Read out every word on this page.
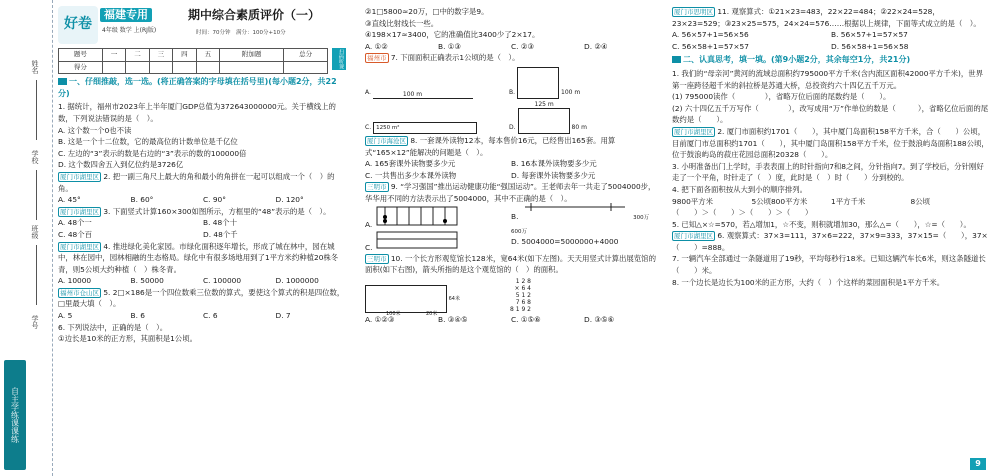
姓名
学校
班级
学号
自主学练课课练
好卷
福建专用
4年级 数学 上(RJ版)
期中综合素质评价（一）
时间：70分钟　满分：100分+10分
题号	一	二	三	四	五	附加题	总分
得分								扫码听课
一、仔细推敲，选一选。(将正确答案的字母填在括号里)(每小题2分，共22分)

1. 据统计，福州市2023年上半年厦门GDP总值为372643000000元。关于横线上的数，下列说法错误的是（　）。

A. 这个数一个0也不读

B. 这是一个十二位数，它的最高位的计数单位是千亿位

C. 左边的“3”表示的数是右边的“3”表示的数的100000倍

D. 这个数四舍五入到亿位约是3726亿

厦门市湖里区 2. 把一副三角尺上最大的角和最小的角拼在一起可以组成一个（　）的角。

A. 45°	B. 60°	C. 90°	D. 120°

厦门市湖里区 3. 下面竖式计算160×300如图所示，方框里的“48”表示的是（　）。

A. 48个一	B. 48个十
C. 48个百	D. 48个千

厦门市湖里区 4. 推进绿化美化家园。市绿化面积逐年增长，形成了城在林中，园在城中，林在园中，园林相融的生态格局。绿化中有很多场地用到了1平方米约种植20株冬青，则5公顷大约种植（　）株冬青。

A. 10000	B. 50000	C. 100000	D. 1000000

福州市仓山区 5. 2□×186是一个四位数乘三位数的算式，要使这个算式的积是四位数，□里最大填（　）。

A. 5	B. 6	C. 6	D. 7

6. 下列说法中，正确的是（　）。

①边长是10米的正方形，其面积是1公顷。

②1□5800≈20万，□中的数字是9。

③直线比射线长一些。

④198×17≈3400，它的准确值比3400少了2×17。

A. ①②	B. ①③	C. ②③	D. ②④

福州市 7. 下面面积正确表示1公顷的是（　）。

A.	100 m	B.	100 m
C. 1250 m²	D.
125 m
80 m

厦门市海沧区 8. 一套课外读物12本，每本售价16元，已经售出165套。用算式“165×12”能解决的问题是（　）。

A. 165套课外读物要多少元	B. 16本课外读物要多少元
C. 一共售出多少本课外读物	D. 每套课外读物要多少元

三明市 9. “学习强国”推出运动健康功能“强国运动”。王老师去年一共走了5004000步，华华用不同的方法表示出了5004000，其中不正确的是（　）。

A.
B.	300万 600万
C.
D. 5004000=5000000+4000

三明市 10. 一个长方形观览馆长128米，宽64米(如下左图)。天天用竖式计算出展览馆的面积(如下右图)，箭头所指的是这个观览馆的（　）的面积。

100米	20米
64米
1 2 8
× 6 4
5 1 2
7 6 8
8 1 9 2
A. ①②③	B. ③④⑤	C. ①⑤⑥	D. ③⑤⑥

厦门市思明区 11. 观察算式：①21×23=483，22×22=484；②22×24=528，23×23=529；③23×25=575，24×24=576……根据以上规律，下面等式成立的是（　）。

A. 56×57+1=56×56	B. 56×57+1=57×57
C. 56×58+1=57×57	D. 56×58+1=56×58
二、认真思考，填一填。(第9小题2分，其余每空1分，共21分)

1. 我们的“母亲河”黄河的流域总面积约795000平方千米(含内流区面积42000平方千米)，世界第一座跨径超千米的斜拉桥是苏通大桥，总投资约六十四亿五千万元。

(1) 795000读作（　　　　），省略万位后面的尾数约是（　　）。

(2) 六十四亿五千万写作（　　　　），改写成用“万”作单位的数是（　　　），省略亿位后面的尾数约是（　　）。

厦门市湖里区 2. 厦门市面积约1701（　　），其中厦门岛面积158平方千米，合（　　）公顷，目前厦门市总面积约1701（　　），其中厦门岛面积158平方千米，位于鼓浪屿岛面积188公顷，位于鼓浪屿岛的菽庄花园总面积20328（　　）。

3. 小明准备出门上学时，手表表面上的时针指向7和8之间，分针指向7。到了学校后，分针刚好走了一个平角，时针走了（　）度，此时是（　）时（　　）分到校的。

4. 把下面各面积按从大到小的顺序排列。

9800平方米	5公顷800平方米	1平方千米	8公顷

（　　）＞（　　）＞（　　）＞（　　）

5. 已知△×☆=570，若△增加1，☆不变，则积就增加30，那么△=（　　），☆=（　　）。

厦门市湖里区 6. 观察算式：37×3=111，37×6=222，37×9=333，37×15=（　　），37×（　　）=888。

7. 一辆汽车全部通过一条隧道用了19秒，平均每秒行18米。已知这辆汽车长6米，则这条隧道长（　　）米。

8. 一个边长是边长为100米的正方形，大约（　）个这样的菜园面积是1平方千米。

9
